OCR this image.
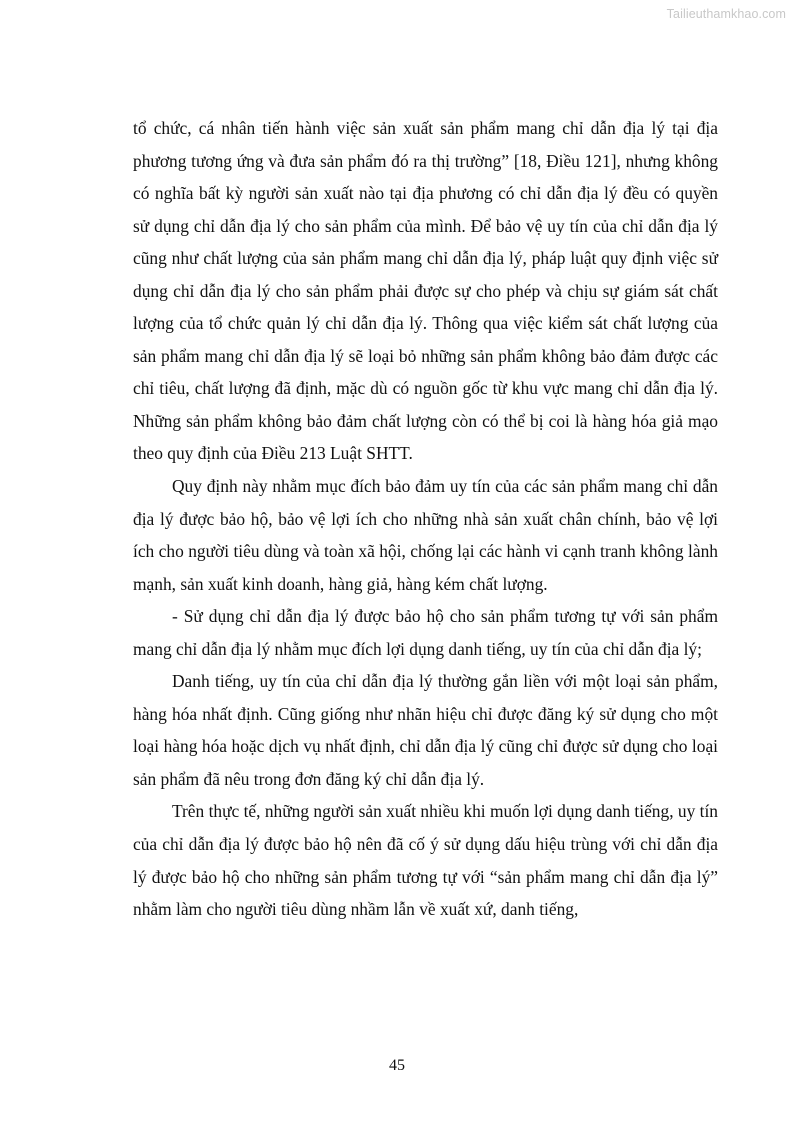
Tailieuthamkhao.com

tổ chức, cá nhân tiến hành việc sản xuất sản phẩm mang chỉ dẫn địa lý tại địa phương tương ứng và đưa sản phẩm đó ra thị trường” [18, Điều 121], nhưng không có nghĩa bất kỳ người sản xuất nào tại địa phương có chỉ dẫn địa lý đều có quyền sử dụng chỉ dẫn địa lý cho sản phẩm của mình. Để bảo vệ uy tín của chỉ dẫn địa lý cũng như chất lượng của sản phẩm mang chỉ dẫn địa lý, pháp luật quy định việc sử dụng chỉ dẫn địa lý cho sản phẩm phải được sự cho phép và chịu sự giám sát chất lượng của tổ chức quản lý chỉ dẫn địa lý. Thông qua việc kiểm sát chất lượng của sản phẩm mang chỉ dẫn địa lý sẽ loại bỏ những sản phẩm không bảo đảm được các chỉ tiêu, chất lượng đã định, mặc dù có nguồn gốc từ khu vực mang chỉ dẫn địa lý. Những sản phẩm không bảo đảm chất lượng còn có thể bị coi là hàng hóa giả mạo theo quy định của Điều 213 Luật SHTT.

Quy định này nhằm mục đích bảo đảm uy tín của các sản phẩm mang chỉ dẫn địa lý được bảo hộ, bảo vệ lợi ích cho những nhà sản xuất chân chính, bảo vệ lợi ích cho người tiêu dùng và toàn xã hội, chống lại các hành vi cạnh tranh không lành mạnh, sản xuất kinh doanh, hàng giả, hàng kém chất lượng.

- Sử dụng chỉ dẫn địa lý được bảo hộ cho sản phẩm tương tự với sản phẩm mang chỉ dẫn địa lý nhằm mục đích lợi dụng danh tiếng, uy tín của chỉ dẫn địa lý;

Danh tiếng, uy tín của chỉ dẫn địa lý thường gắn liền với một loại sản phẩm, hàng hóa nhất định. Cũng giống như nhãn hiệu chỉ được đăng ký sử dụng cho một loại hàng hóa hoặc dịch vụ nhất định, chỉ dẫn địa lý cũng chỉ được sử dụng cho loại sản phẩm đã nêu trong đơn đăng ký chỉ dẫn địa lý.

Trên thực tế, những người sản xuất nhiều khi muốn lợi dụng danh tiếng, uy tín của chỉ dẫn địa lý được bảo hộ nên đã cố ý sử dụng dấu hiệu trùng với chỉ dẫn địa lý được bảo hộ cho những sản phẩm tương tự với “sản phẩm mang chỉ dẫn địa lý” nhằm làm cho người tiêu dùng nhầm lẫn về xuất xứ, danh tiếng,

45
